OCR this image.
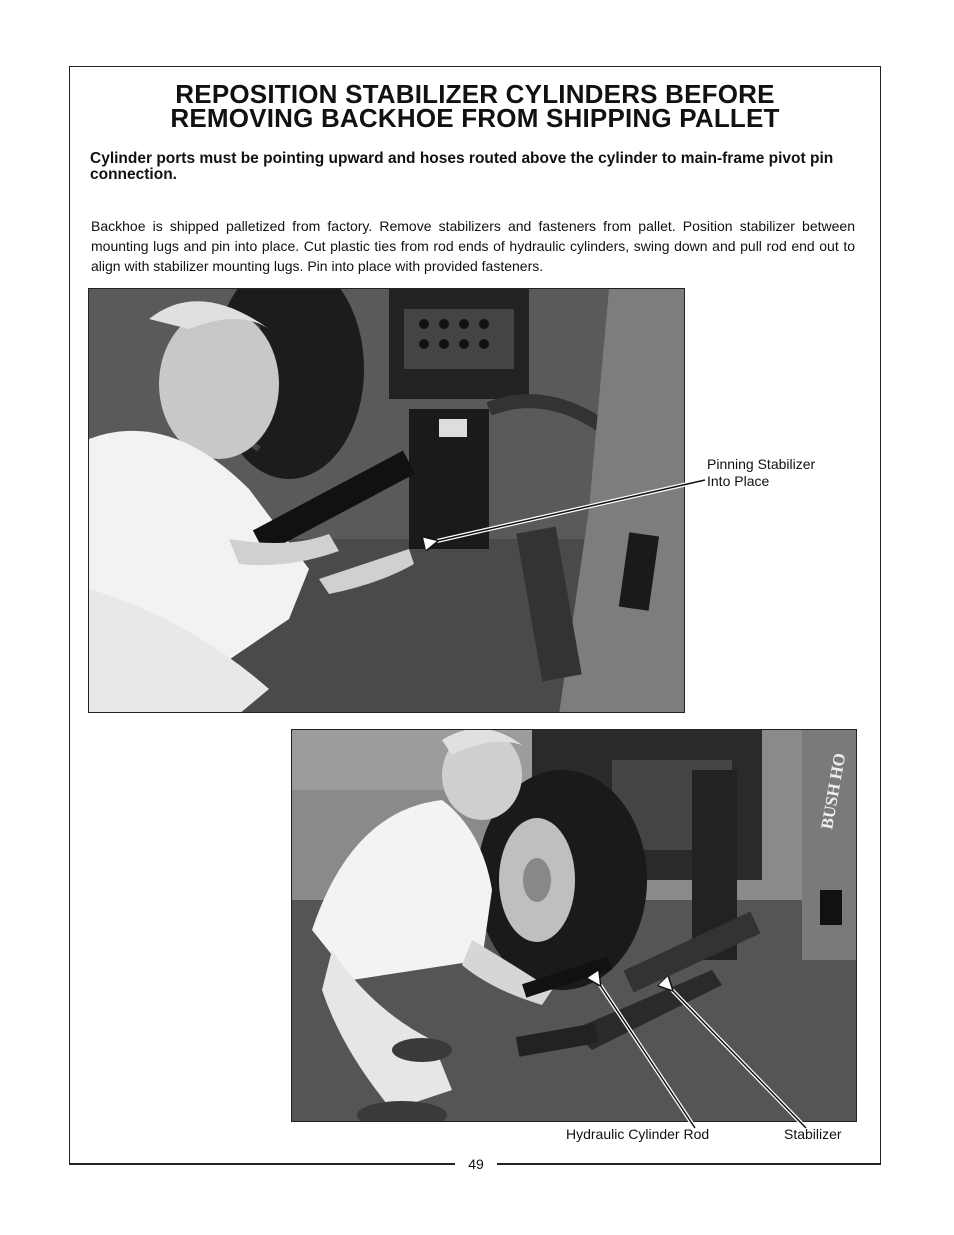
REPOSITION STABILIZER CYLINDERS BEFORE
REMOVING BACKHOE FROM SHIPPING PALLET
Cylinder ports must be pointing upward and hoses routed above the cylinder to main-frame pivot pin connection.
Backhoe is shipped palletized from factory. Remove stabilizers and fasteners from pallet. Position stabilizer between mounting lugs and pin into place. Cut plastic ties from rod ends of hydraulic cylinders, swing down and pull rod end out to align with stabilizer mounting lugs. Pin into place with provided fasteners.
BUSH HO
Pinning Stabilizer
Into Place
Hydraulic Cylinder Rod	Stabilizer
49
